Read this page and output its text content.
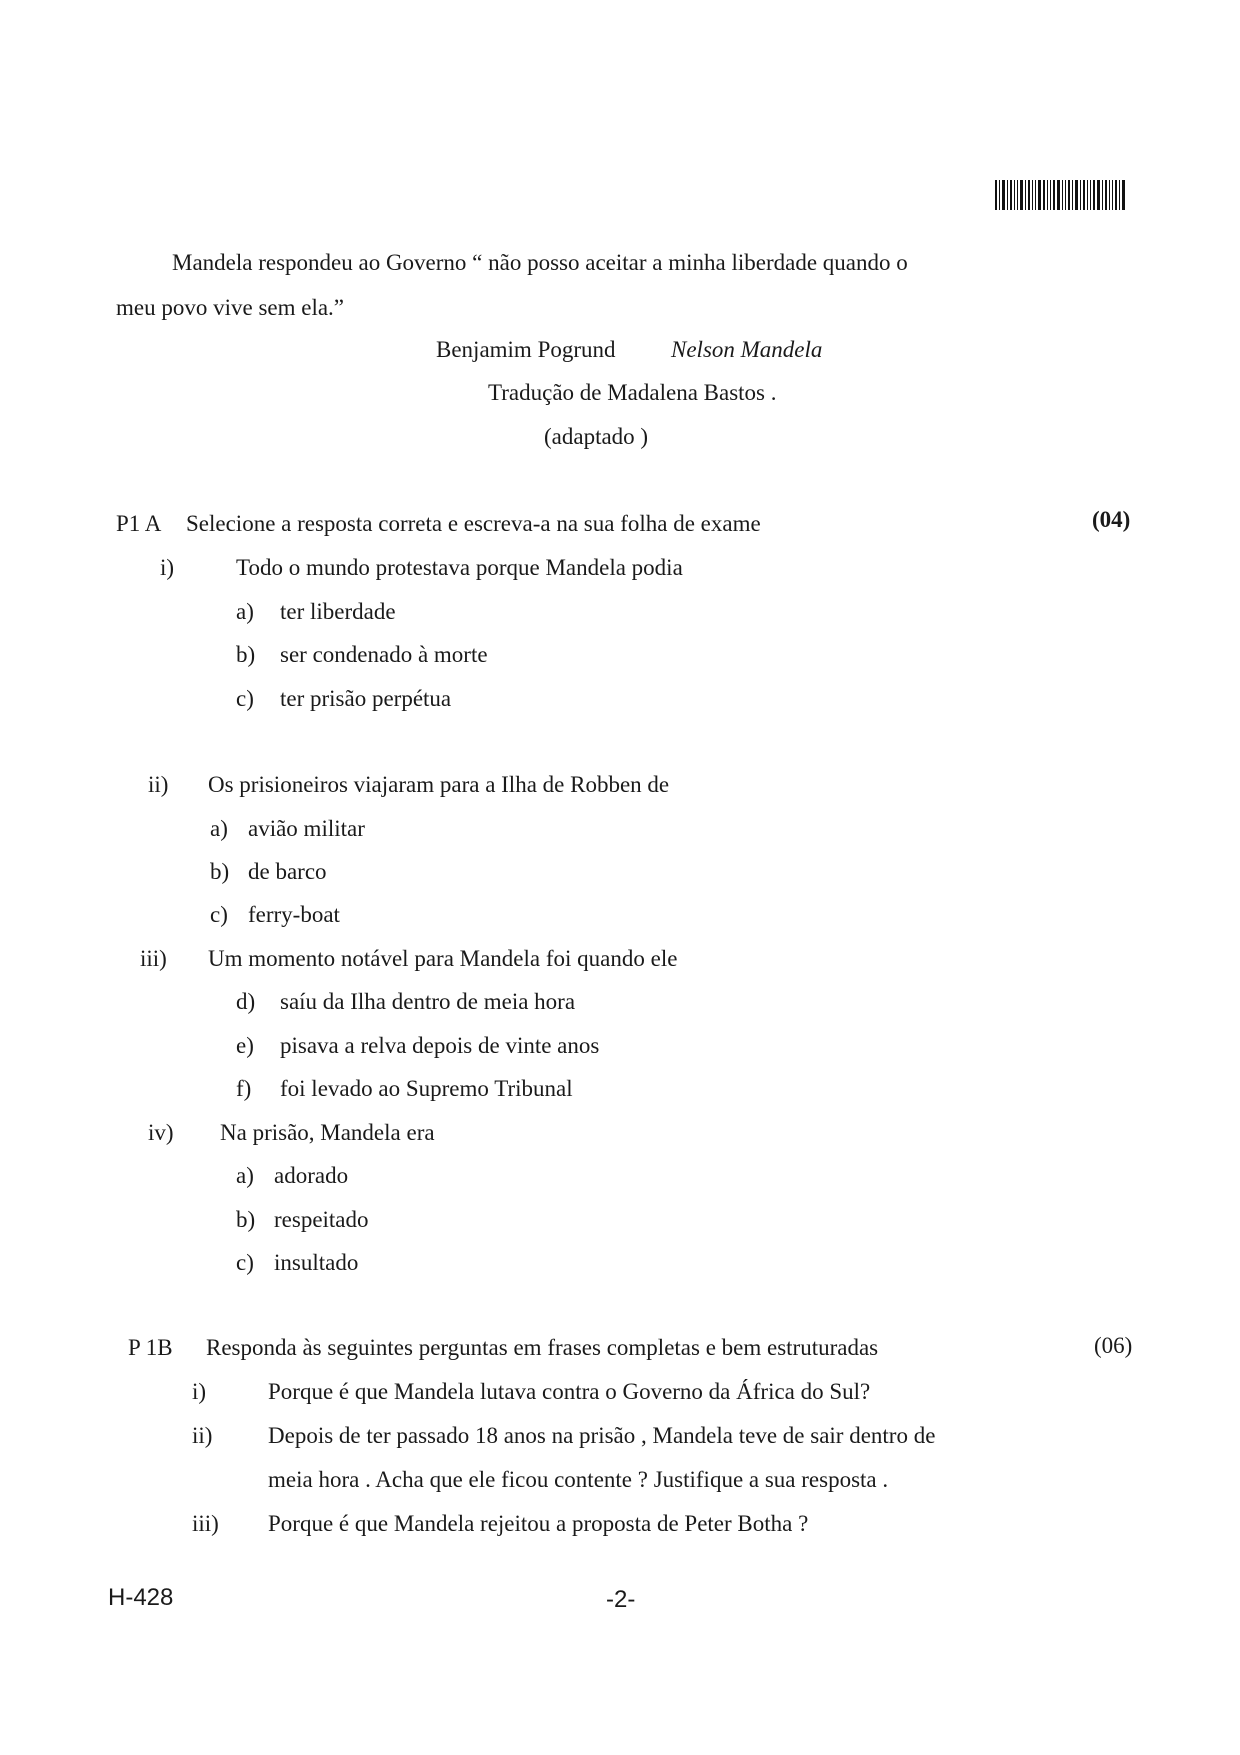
Mandela respondeu ao Governo “ não posso aceitar a minha liberdade quando o
meu povo vive sem ela.”
Benjamim Pogrund Nelson Mandela
Tradução de Madalena Bastos .
(adaptado )
P1 A Selecione a resposta correta e escreva-a na sua folha de exame	(04)
i)	Todo o mundo protestava porque Mandela podia
a) ter liberdade
b) ser condenado à morte
c) ter prisão perpétua
ii) Os prisioneiros viajaram para a Ilha de Robben de
a) avião militar
b) de barco
c) ferry-boat
iii) Um momento notável para Mandela foi quando ele
d) saíu da Ilha dentro de meia hora
e) pisava a relva depois de vinte anos
f) foi levado ao Supremo Tribunal
iv) Na prisão, Mandela era
a) adorado
b) respeitado
c) insultado
P 1B Responda às seguintes perguntas em frases completas e bem estruturadas	(06)
i)	Porque é que Mandela lutava contra o Governo da África do Sul?
ii) Depois de ter passado 18 anos na prisão , Mandela teve de sair dentro de
meia hora . Acha que ele ficou contente ? Justifique a sua resposta .
iii) Porque é que Mandela rejeitou a proposta de Peter Botha ?
H-428	-2-
